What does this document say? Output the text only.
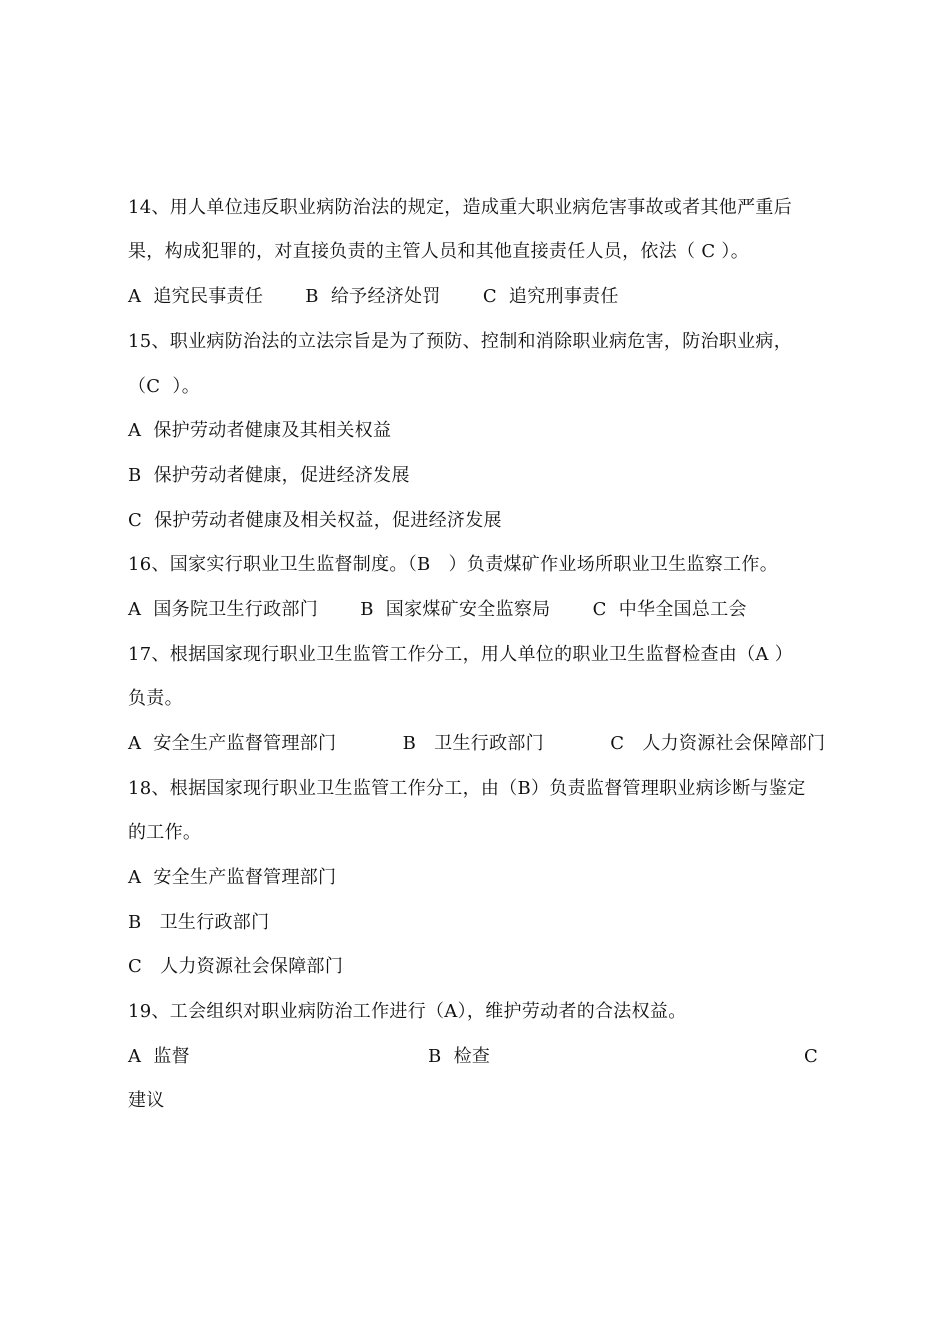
14、用人单位违反职业病防治法的规定，造成重大职业病危害事故或者其他严重后
果，构成犯罪的，对直接负责的主管人员和其他直接责任人员，依法（ C ）。
A  追究民事责任       B  给予经济处罚       C  追究刑事责任
15、职业病防治法的立法宗旨是为了预防、控制和消除职业病危害，防治职业病，
（C  ）。
A  保护劳动者健康及其相关权益
B  保护劳动者健康，促进经济发展
C  保护劳动者健康及相关权益，促进经济发展
16、国家实行职业卫生监督制度。（B   ）负责煤矿作业场所职业卫生监察工作。
A  国务院卫生行政部门       B  国家煤矿安全监察局       C  中华全国总工会
17、根据国家现行职业卫生监管工作分工，用人单位的职业卫生监督检查由（A ）
负责。
A  安全生产监督管理部门           B   卫生行政部门           C   人力资源社会保障部门
18、根据国家现行职业卫生监管工作分工，由（B）负责监督管理职业病诊断与鉴定
的工作。
A  安全生产监督管理部门
B   卫生行政部门
C   人力资源社会保障部门
19、工会组织对职业病防治工作进行（A），维护劳动者的合法权益。
A  监督	B  检查	C
建议
